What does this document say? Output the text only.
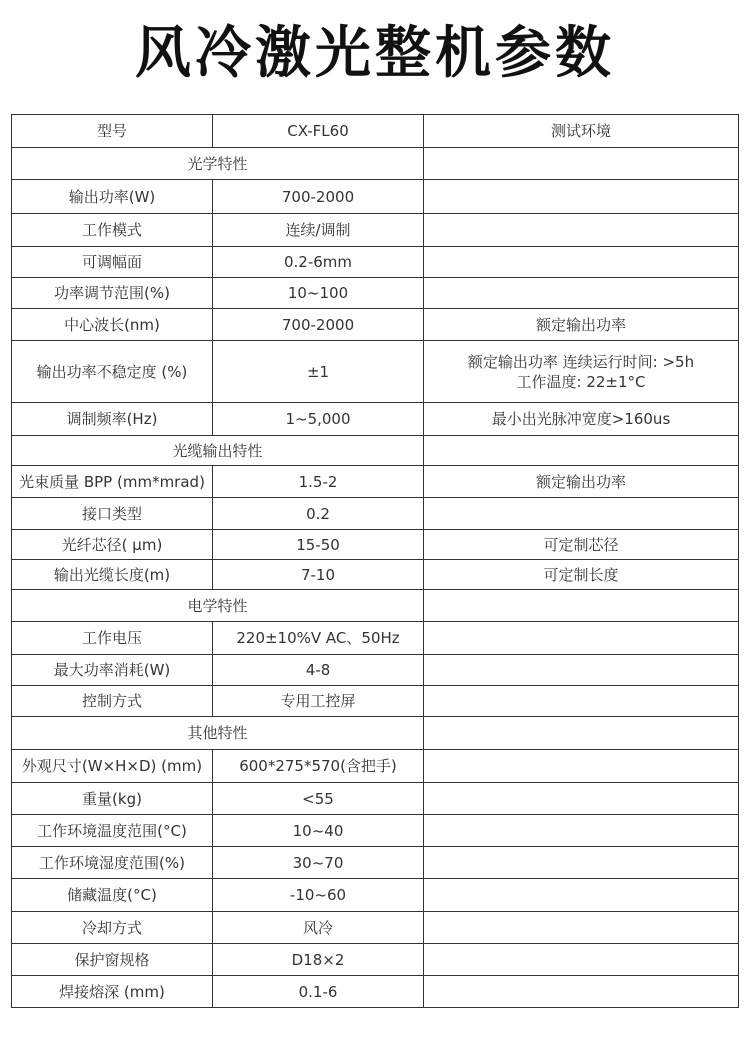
风冷激光整机参数
型号	CX-FL60	测试环境
光学特性		
输出功率(W)	700-2000	
工作模式	连续/调制	
可调幅面	0.2-6mm	
功率调节范围(%)	10~100	
中心波长(nm)	700-2000	额定输出功率
输出功率不稳定度 (%)	±1	额定输出功率 连续运行时间: >5h
工作温度: 22±1°C

调制频率(Hz)	1~5,000	最小出光脉冲宽度>160us
光缆输出特性		
光束质量 BPP (mm*mrad)	1.5-2	额定输出功率
接口类型	0.2	
光纤芯径( μm)	15-50	可定制芯径
输出光缆长度(m)	7-10	可定制长度
电学特性		
工作电压	220±10%V AC、50Hz	
最大功率消耗(W)	4-8	
控制方式	专用工控屏	
其他特性		
外观尺寸(W×H×D) (mm)	600*275*570(含把手)	
重量(kg)	<55	
工作环境温度范围(°C)	10~40	
工作环境湿度范围(%)	30~70	
储藏温度(°C)	-10~60	
冷却方式	风冷	
保护窗规格	D18×2	
焊接熔深 (mm)	0.1-6	
